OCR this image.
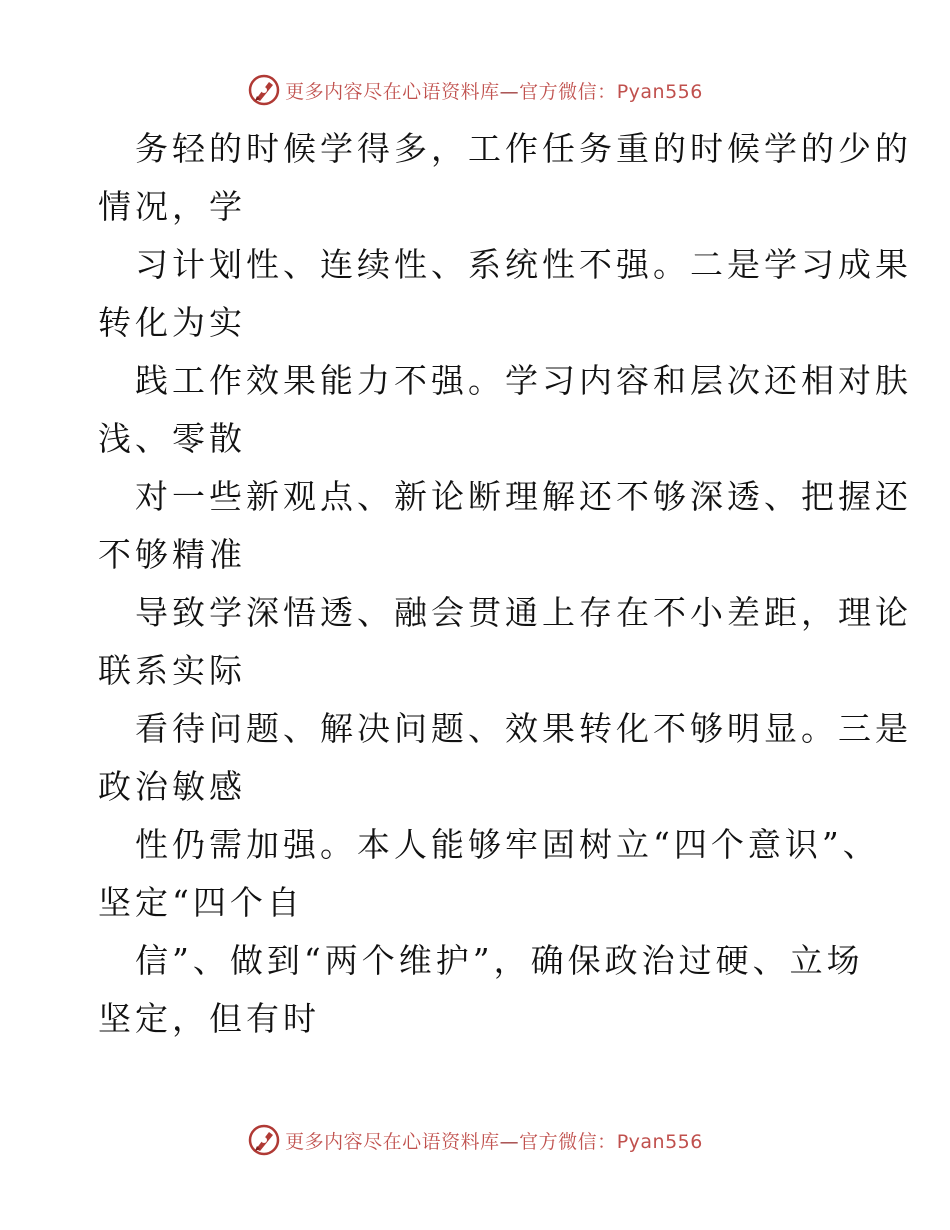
更多内容尽在心语资料库—官方微信：Pyan556

务轻的时候学得多，工作任务重的时候学的少的
情况，学

习计划性、连续性、系统性不强。二是学习成果
转化为实

践工作效果能力不强。学习内容和层次还相对肤
浅、零散

对一些新观点、新论断理解还不够深透、把握还
不够精准

导致学深悟透、融会贯通上存在不小差距，理论
联系实际

看待问题、解决问题、效果转化不够明显。三是
政治敏感

性仍需加强。本人能够牢固树立“四个意识”、
坚定“四个自

信”、做到“两个维护”，确保政治过硬、立场
坚定，但有时

更多内容尽在心语资料库—官方微信：Pyan556
